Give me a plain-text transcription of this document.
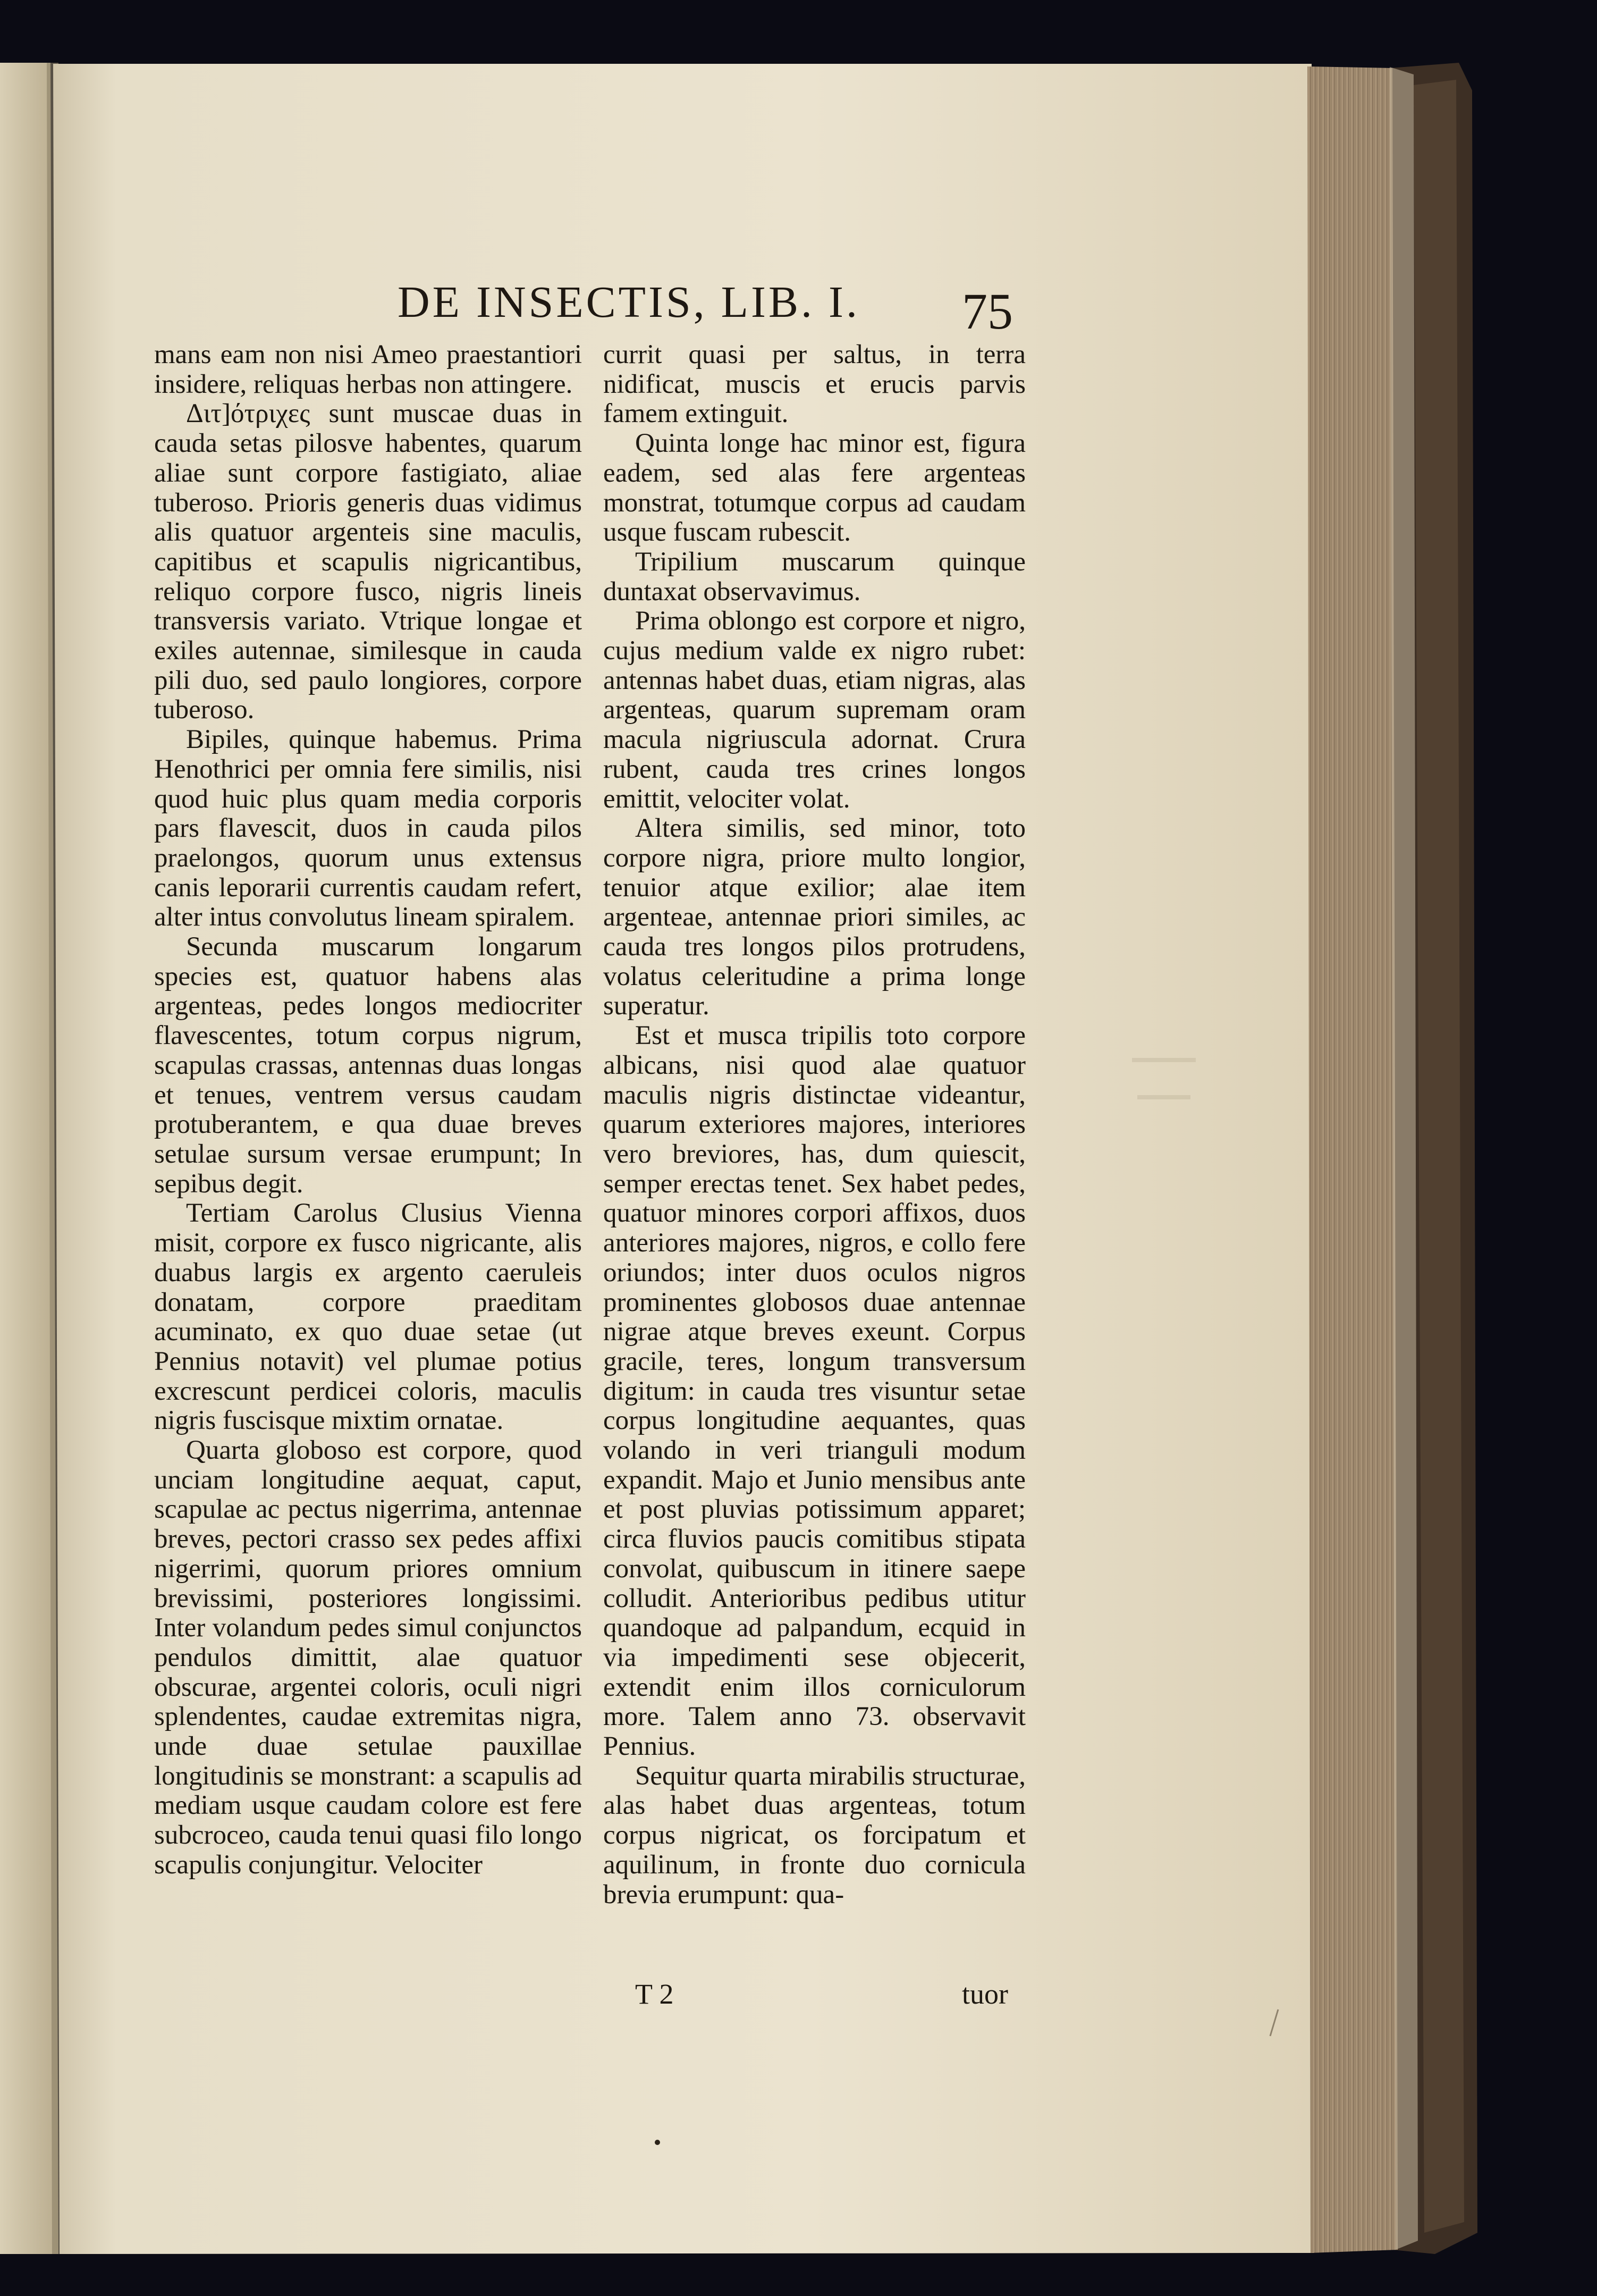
DE INSECTIS, LIB. I. 75

mans eam non nisi Ameo praestantiori insidere, reliquas herbas non attingere.

Διτ]ότριχες sunt muscae duas in cauda setas pilosve habentes, quarum aliae sunt corpore fastigiato, aliae tuberoso. Prioris generis duas vidimus alis quatuor argenteis sine maculis, capitibus et scapulis nigricantibus, reliquo corpore fusco, nigris lineis transversis variato. Vtrique longae et exiles autennae, similesque in cauda pili duo, sed paulo longiores, corpore tuberoso.

Bipiles, quinque habemus. Prima Henothrici per omnia fere similis, nisi quod huic plus quam media corporis pars flavescit, duos in cauda pilos praelongos, quorum unus extensus canis leporarii currentis caudam refert, alter intus convolutus lineam spiralem.

Secunda muscarum longarum species est, quatuor habens alas argenteas, pedes longos mediocriter flavescentes, totum corpus nigrum, scapulas crassas, antennas duas longas et tenues, ventrem versus caudam protuberantem, e qua duae breves setulae sursum versae erumpunt; In sepibus degit.

Tertiam Carolus Clusius Vienna misit, corpore ex fusco nigricante, alis duabus largis ex argento caeruleis donatam, corpore praeditam acuminato, ex quo duae setae (ut Pennius notavit) vel plumae potius excrescunt perdicei coloris, maculis nigris fuscisque mixtim ornatae.

Quarta globoso est corpore, quod unciam longitudine aequat, caput, scapulae ac pectus nigerrima, antennae breves, pectori crasso sex pedes affixi nigerrimi, quorum priores omnium brevissimi, posteriores longissimi. Inter volandum pedes simul conjunctos pendulos dimittit, alae quatuor obscurae, argentei coloris, oculi nigri splendentes, caudae extremitas nigra, unde duae setulae pauxillae longitudinis se monstrant: a scapulis ad mediam usque caudam colore est fere subcroceo, cauda tenui quasi filo longo scapulis conjungitur. Velociter

currit quasi per saltus, in terra nidificat, muscis et erucis parvis famem extinguit.

Quinta longe hac minor est, figura eadem, sed alas fere argenteas monstrat, totumque corpus ad caudam usque fuscam rubescit.

Tripilium muscarum quinque duntaxat observavimus.

Prima oblongo est corpore et nigro, cujus medium valde ex nigro rubet: antennas habet duas, etiam nigras, alas argenteas, quarum supremam oram macula nigriuscula adornat. Crura rubent, cauda tres crines longos emittit, velociter volat.

Altera similis, sed minor, toto corpore nigra, priore multo longior, tenuior atque exilior; alae item argenteae, antennae priori similes, ac cauda tres longos pilos protrudens, volatus celeritudine a prima longe superatur.

Est et musca tripilis toto corpore albicans, nisi quod alae quatuor maculis nigris distinctae videantur, quarum exteriores majores, interiores vero breviores, has, dum quiescit, semper erectas tenet. Sex habet pedes, quatuor minores corpori affixos, duos anteriores majores, nigros, e collo fere oriundos; inter duos oculos nigros prominentes globosos duae antennae nigrae atque breves exeunt. Corpus gracile, teres, longum transversum digitum: in cauda tres visuntur setae corpus longitudine aequantes, quas volando in veri trianguli modum expandit. Majo et Junio mensibus ante et post pluvias potissimum apparet; circa fluvios paucis comitibus stipata convolat, quibuscum in itinere saepe colludit. Anterioribus pedibus utitur quandoque ad palpandum, ecquid in via impedimenti sese objecerit, extendit enim illos corniculorum more. Talem anno 73. observavit Pennius.

Sequitur quarta mirabilis structurae, alas habet duas argenteas, totum corpus nigricat, os forcipatum et aquilinum, in fronte duo cornicula brevia erumpunt: qua-

T 2	tuor
